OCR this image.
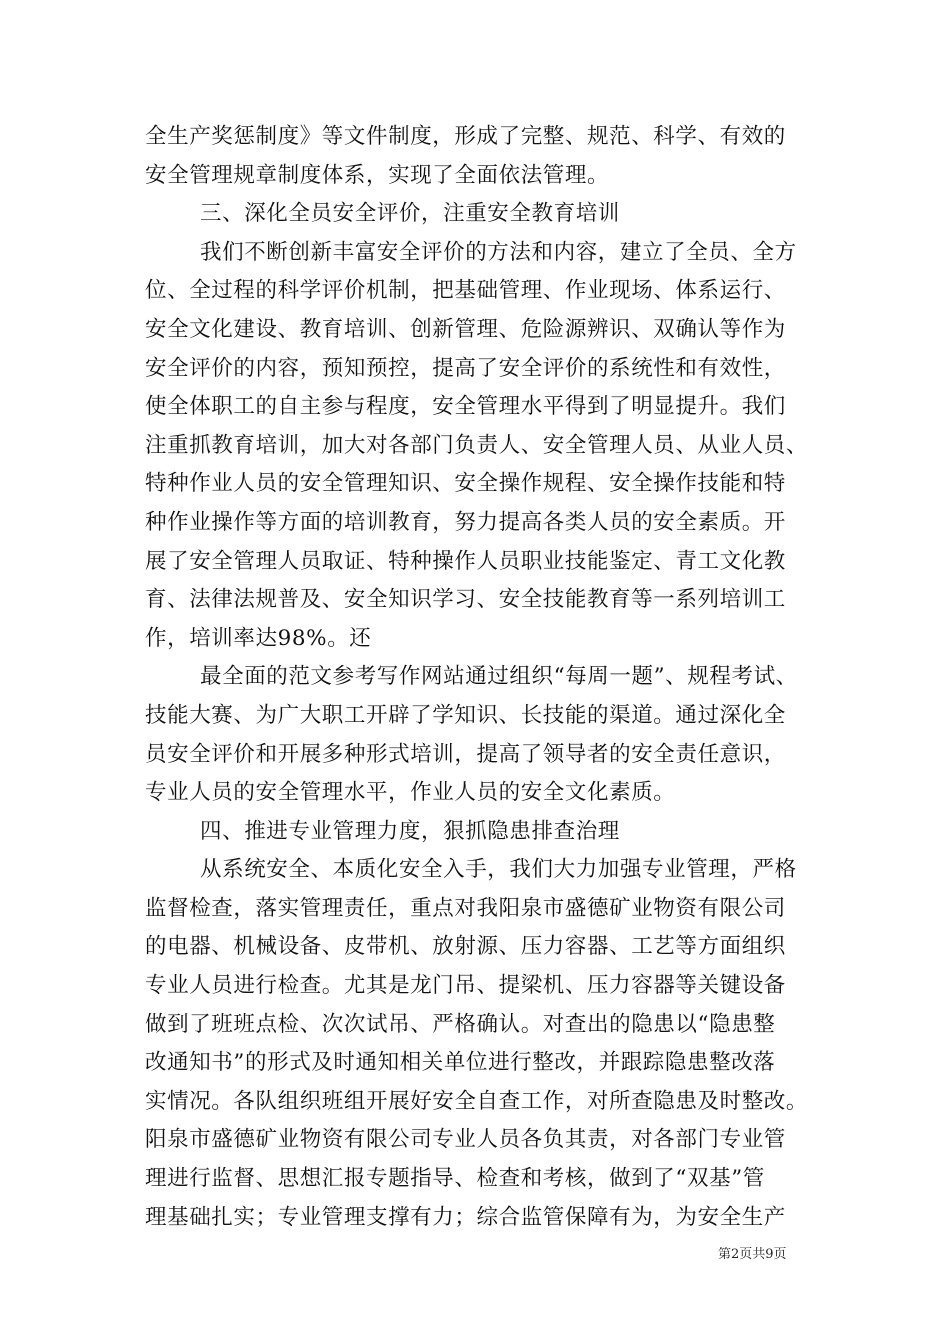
全生产奖惩制度》等文件制度，形成了完整、规范、科学、有效的
安全管理规章制度体系，实现了全面依法管理。
三、深化全员安全评价，注重安全教育培训
我们不断创新丰富安全评价的方法和内容，建立了全员、全方
位、全过程的科学评价机制，把基础管理、作业现场、体系运行、
安全文化建设、教育培训、创新管理、危险源辨识、双确认等作为
安全评价的内容，预知预控，提高了安全评价的系统性和有效性，
使全体职工的自主参与程度，安全管理水平得到了明显提升。我们
注重抓教育培训，加大对各部门负责人、安全管理人员、从业人员、
特种作业人员的安全管理知识、安全操作规程、安全操作技能和特
种作业操作等方面的培训教育，努力提高各类人员的安全素质。开
展了安全管理人员取证、特种操作人员职业技能鉴定、青工文化教
育、法律法规普及、安全知识学习、安全技能教育等一系列培训工
作，培训率达98%。还
最全面的范文参考写作网站通过组织“每周一题”、规程考试、
技能大赛、为广大职工开辟了学知识、长技能的渠道。通过深化全
员安全评价和开展多种形式培训，提高了领导者的安全责任意识，
专业人员的安全管理水平，作业人员的安全文化素质。
四、推进专业管理力度，狠抓隐患排查治理
从系统安全、本质化安全入手，我们大力加强专业管理，严格
监督检查，落实管理责任，重点对我阳泉市盛德矿业物资有限公司
的电器、机械设备、皮带机、放射源、压力容器、工艺等方面组织
专业人员进行检查。尤其是龙门吊、提梁机、压力容器等关键设备
做到了班班点检、次次试吊、严格确认。对查出的隐患以“隐患整
改通知书”的形式及时通知相关单位进行整改，并跟踪隐患整改落
实情况。各队组织班组开展好安全自查工作，对所查隐患及时整改。
阳泉市盛德矿业物资有限公司专业人员各负其责，对各部门专业管
理进行监督、思想汇报专题指导、检查和考核，做到了“双基”管
理基础扎实；专业管理支撑有力；综合监管保障有为，为安全生产
第2页共9页
